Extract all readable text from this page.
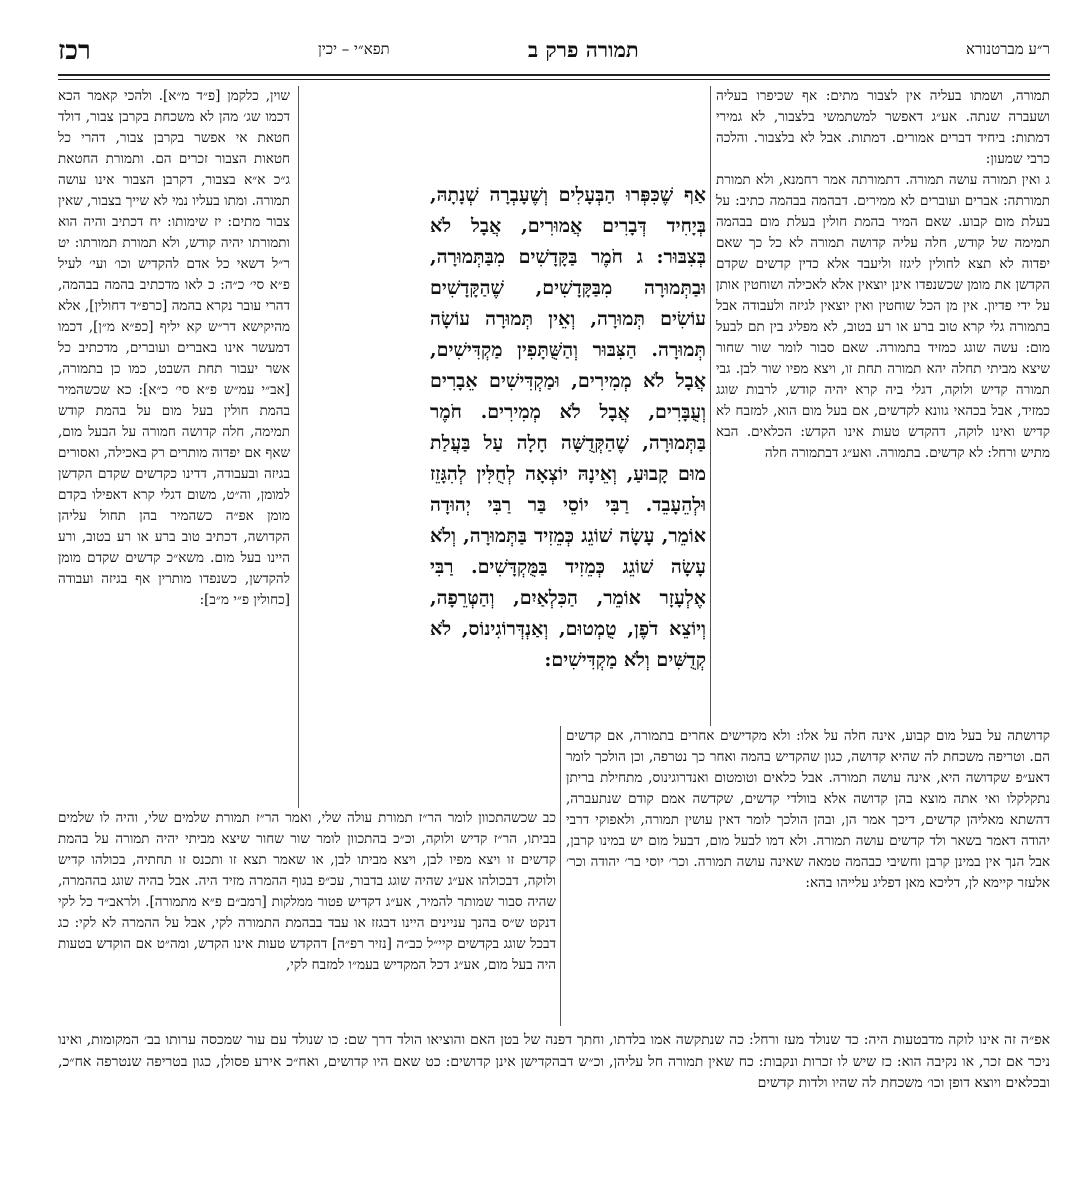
רכז	תפא״י – יכין	תמורה פרק ב	ר״ע מברטנורא
תמורה, ושמתו בעליה אין לצבור מתים: אף שכיפרו בעליה ושעברה שנתה. אע״ג דאפשר למשתמשי בלצבור, לא גמירי דמתות: ביחיד דברים אמורים. דמתות. אבל לא בלצבור. והלכה כרבי שמעון:
ג ואין תמורה עושה תמורה. דתמורתה אמר רחמנא, ולא תמורת תמורתה: אברים ועוברים לא ממירים. דבהמה בבהמה כתיב: על בעלת מום קבוע. שאם המיר בהמת חולין בעלת מום בבהמה תמימה של קודש, חלה עליה קדושה תמורה לא כל כך שאם יפדוה לא תצא לחולין ליגזז וליעבד אלא כדין קדשים שקדם הקדשן את מומן שכשנפדו אינן יוצאין אלא לאכילה ושוחטין אותן על ידי פדיון. אין מן הכל שוחטין ואין יוצאין לגיזה ולעבודה אבל בתמורה גלי קרא טוב ברע או רע בטוב, לא מפליג בין תם לבעל מום: עשה שוגג כמזיד בתמורה. שאם סבור לומר שור שחור שיצא מביתי תחלה יהא תמורה תחת זו, ויצא מפיו שור לבן. גבי תמורה קדיש ולוקה, דגלי ביה קרא יהיה קודש, לרבות שוגג כמזיד, אבל בכהאי גוונא לקדשים, אם בעל מום הוא, למזבח לא קדיש ואינו לוקה, דהקדש טעות אינו הקדש: הכלאים. הבא מתיש ורחל: לא קדשים. בתמורה. ואע״ג דבתמורה חלה
קדושתה על בעל מום קבוע, אינה חלה על אלו: ולא מקדישים אחרים בתמורה, אם קדשים הם. וטריפה משכחת לה שהיא קדושה, כגון שהקדיש בהמה ואחר כך נטרפה, וכן הולכך לומר דאע״פ שקדושה היא, אינה עושה תמורה. אבל כלאים וטומטום ואנדרוגינוס, מתחילת בריתן נתקלקלו ואי אתה מוצא בהן קדושה אלא בוולדי קדשים, שקדשה אמם קודם שנתעברה, דהשתא מאליהן קדשים, דיכך אמר הן, ובהן הולכך לומר דאין עושין תמורה, ולאפוקי דרבי יהודה דאמר בשאר ולד קדשים עושה תמורה. ולא דמו לבעל מום, דבעל מום יש במינו קרבן, אבל הנך אין במינן קרבן וחשיבי כבהמה טמאה שאינה עושה תמורה. וכר׳ יוסי בר׳ יהודה וכר׳ אלעזר קיימא לן, דליכא מאן דפליג עלייהו בהא:
אַף שֶׁכִּפְּרוּ הַבְּעָלִים וְשֶׁעָבְרָה שְׁנָתָהּ, בְּיָחִיד דְּבָרִים אֲמוּרִים, אֲבָל לֹא בְּצִבּוּר: ג חֹמֶר בַּקָּדָשִׁים מִבַּתְּמוּרָה, וּבַתְּמוּרָה מִבַּקָּדָשִׁים, שֶׁהַקָּדָשִׁים עוֹשִׂים תְּמוּרָה, וְאֵין תְּמוּרָה עוֹשָׂה תְּמוּרָה. הַצִּבּוּר וְהַשֻּׁתָּפִין מַקְדִּישִׁים, אֲבָל לֹא מְמִירִים, וּמַקְדִּישִׁים אֵבָרִים וְעֻבָּרִים, אֲבָל לֹא מְמִירִים. חֹמֶר בַּתְּמוּרָה, שֶׁהַקְּדֻשָּׁה חָלָה עַל בַּעֲלַת מוּם קָבוּעַ, וְאֵינָהּ יוֹצְאָה לְחֻלִּין לְהִגָּזֵז וּלְהֵעָבֵד. רַבִּי יוֹסֵי בַּר רַבִּי יְהוּדָה אוֹמֵר, עָשָׂה שׁוֹגֵג כְּמֵזִיד בַּתְּמוּרָה, וְלֹא עָשָׂה שׁוֹגֵג כְּמֵזִיד בַּמֻּקְדָּשִׁים. רַבִּי אֶלְעָזָר אוֹמֵר, הַכִּלְאַיִם, וְהַטְּרֵפָה, וְיוֹצֵא דֹפֶן, טֻמְטוּם, וְאַנְדְּרוֹגִינוֹס, לֹא קְדֻשִּׁים וְלֹא מַקְדִּישִׁים:
שוין, כלקמן [פ״ד מ״א]. ולהכי קאמר הכא דכמו שג׳ מהן לא משכחת בקרבן צבור, דולד חטאת אי אפשר בקרבן צבור, דהרי כל חטאות הצבור זכרים הם. ותמורת החטאת ג״כ א״א בצבור, דקרבן הצבור אינו עושה תמורה. ומתו בעליו נמי לא שייך בצבור, שאין צבור מתים: יז שימותו: יח דכתיב והיה הוא ותמורתו יהיה קודש, ולא תמורת תמורתו: יט ר״ל דשאי כל אדם להקדיש וכו׳ ועי׳ לעיל פ״א סי׳ כ״ה: כ לאו מדכתיב בהמה בבהמה, דהרי עובר נקרא בהמה [כרפ״ד דחולין], אלא מהיקישא דר״ש קא יליף [כפ״א מ״ן], דכמו דמעשר אינו באברים ועוברים, מדכתיב כל אשר יעבור תחת השבט, כמו כן בתמורה, [אב״י עמ״ש פ״א סי׳ כ״א]: כא שכשהמיר בהמת חולין בעל מום על בהמת קודש תמימה, חלה קדושה חמורה על הבעל מום, שאף אם יפדוה מותרים רק באכילה, ואסורים בגיזה ובעבודה, דדינו כקדשים שקדם הקדשן למומן, וה״ט, משום דגלי קרא דאפילו בקדם מומן אפ״ה כשהמיר בהן תחול עליהן הקדושה, דכתיב טוב ברע או רע בטוב, ורע היינו בעל מום. משא״כ קדשים שקדם מומן להקדשן, כשנפדו מותרין אף בגיזה ועבודה [כחולין פ״י מ״ב]:
כב שכשהתכוון לומר הר״ז תמורת עולה שלי, ואמר הר״ז תמורת שלמים שלי, והיה לו שלמים בביתו, הר״ז קדיש ולוקה, וכ״כ בהתכוון לומר שור שחור שיצא מביתי יהיה תמורה על בהמת קדשים זו ויצא מפיו לבן, ויצא מביתו לבן, או שאמר תצא זו ותכנס זו תחתיה, בכולהו קדיש ולוקה, דבכולהו אע״ג שהיה שוגג בדבור, עכ״פ בגוף ההמרה מזיד היה. אבל בהיה שוגג בההמרה, שהיה סבור שמותר להמיר, אע״ג דקדיש פטור ממלקות [רמב״ם פ״א מתמורה]. ולראב״ד כל לקי דנקט ש״ס בהנך עניינים היינו דבגזז או עבד בבהמת התמורה לקי, אבל על ההמרה לא לקי: כג דבכל שוגג בקדשים קיי״ל כב״ה [נזיר רפ״ה] דהקדש טעות אינו הקדש, ומה״ט אם הוקדש בטעות היה בעל מום, אע״ג דכל המקדיש בעמ״ו למזבח לקי,
אפ״ה זה אינו לוקה מדבטעות היה: כד שנולד מעז ורחל: כה שנתקשה אמו בלדתו, וחתך דפנה של בטן האם והוציאו הולד דרך שם: כו שנולד עם עור שמכסה ערותו בב׳ המקומות, ואינו ניכר אם זכר, או נקיבה הוא: כז שיש לו זכרות ונקבות: כח שאין תמורה חל עליהן, וכ״ש דבהקדישן אינן קדושים: כט שאם היו קדושים, ואח״כ אירע פסולן, כגון בטריפה שנטרפה אח״כ, ובכלאים ויוצא דופן וכו׳ משכחת לה שהיו ולדות קדשים
